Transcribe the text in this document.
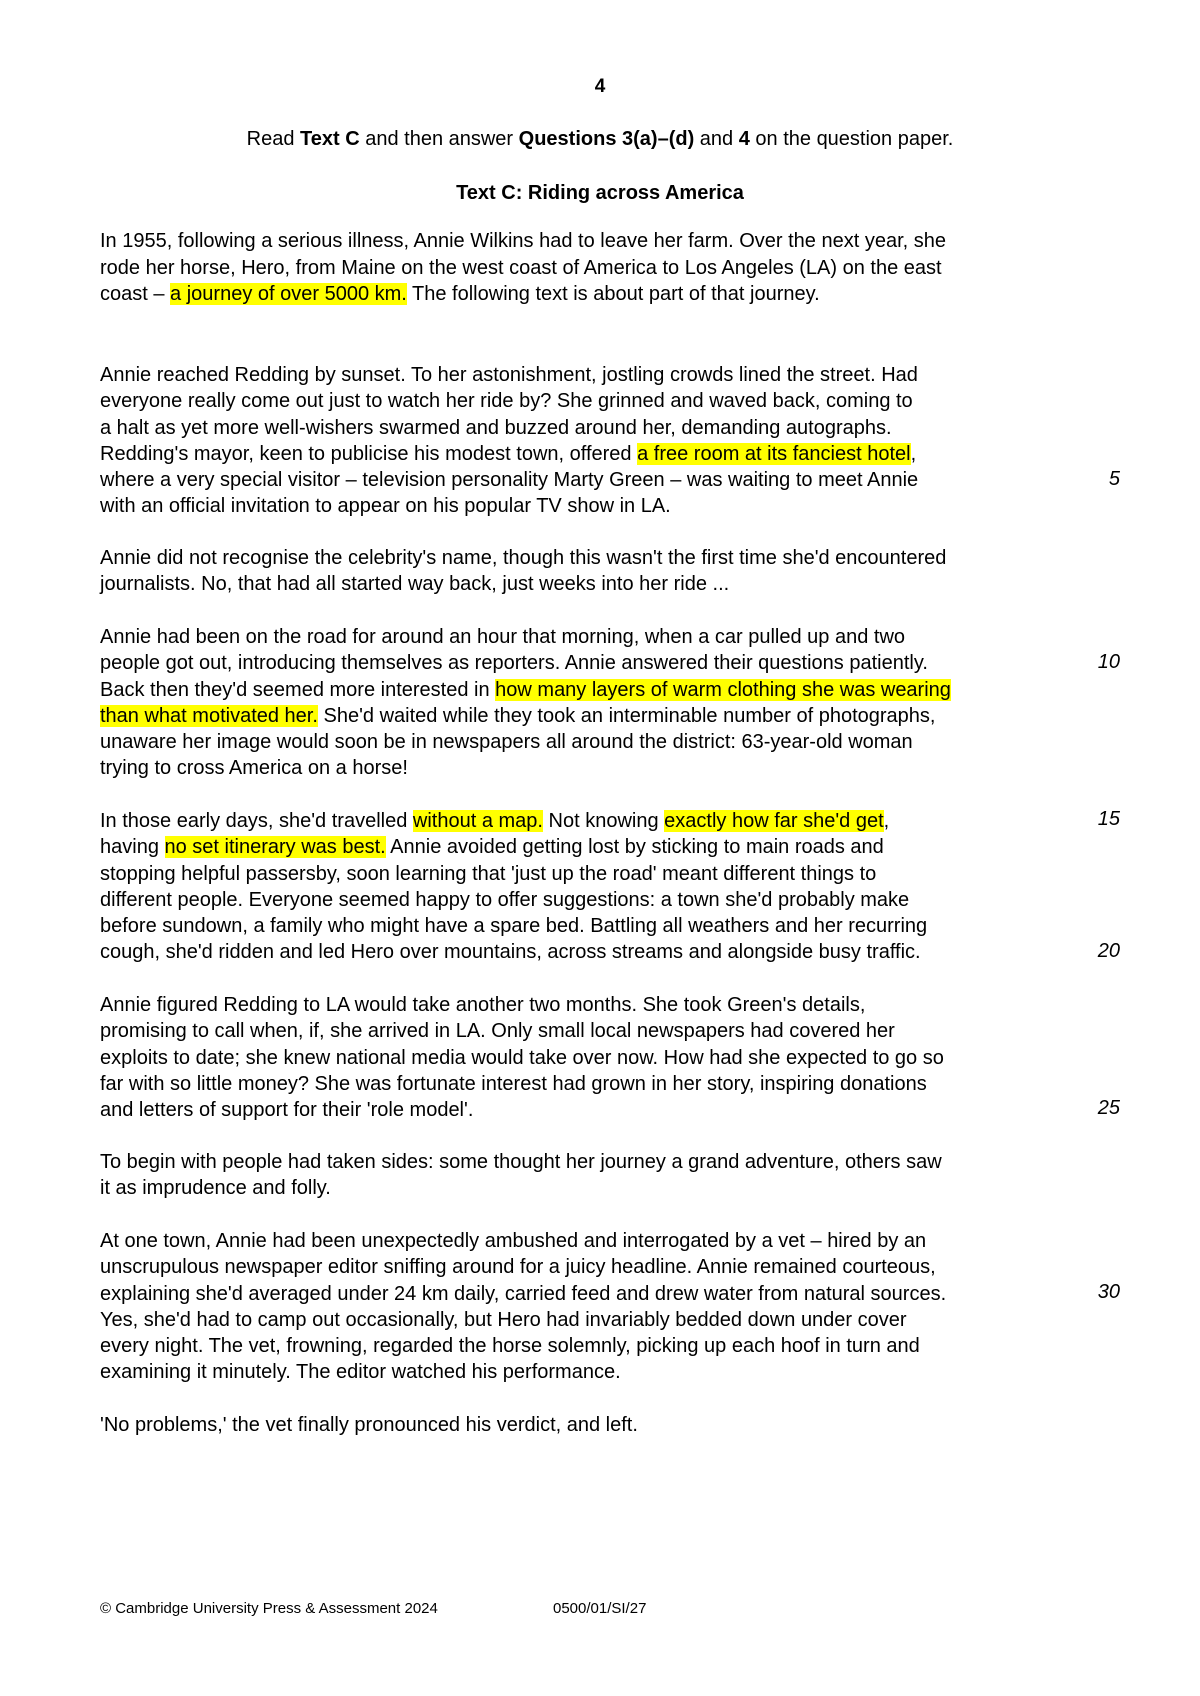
4
Read Text C and then answer Questions 3(a)–(d) and 4 on the question paper.
Text C: Riding across America
In 1955, following a serious illness, Annie Wilkins had to leave her farm. Over the next year, she
rode her horse, Hero, from Maine on the west coast of America to Los Angeles (LA) on the east
coast – a journey of over 5000 km. The following text is about part of that journey.
Annie reached Redding by sunset. To her astonishment, jostling crowds lined the street. Had
everyone really come out just to watch her ride by? She grinned and waved back, coming to
a halt as yet more well-wishers swarmed and buzzed around her, demanding autographs.
Redding's mayor, keen to publicise his modest town, offered a free room at its fanciest hotel,
where a very special visitor – television personality Marty Green – was waiting to meet Annie
with an official invitation to appear on his popular TV show in LA.
Annie did not recognise the celebrity's name, though this wasn't the first time she'd encountered
journalists. No, that had all started way back, just weeks into her ride ...
Annie had been on the road for around an hour that morning, when a car pulled up and two
people got out, introducing themselves as reporters. Annie answered their questions patiently.
Back then they'd seemed more interested in how many layers of warm clothing she was wearing
than what motivated her. She'd waited while they took an interminable number of photographs,
unaware her image would soon be in newspapers all around the district: 63-year-old woman
trying to cross America on a horse!
In those early days, she'd travelled without a map. Not knowing exactly how far she'd get,
having no set itinerary was best. Annie avoided getting lost by sticking to main roads and
stopping helpful passersby, soon learning that 'just up the road' meant different things to
different people. Everyone seemed happy to offer suggestions: a town she'd probably make
before sundown, a family who might have a spare bed. Battling all weathers and her recurring
cough, she'd ridden and led Hero over mountains, across streams and alongside busy traffic.
Annie figured Redding to LA would take another two months. She took Green's details,
promising to call when, if, she arrived in LA. Only small local newspapers had covered her
exploits to date; she knew national media would take over now. How had she expected to go so
far with so little money? She was fortunate interest had grown in her story, inspiring donations
and letters of support for their 'role model'.
To begin with people had taken sides: some thought her journey a grand adventure, others saw
it as imprudence and folly.
At one town, Annie had been unexpectedly ambushed and interrogated by a vet – hired by an
unscrupulous newspaper editor sniffing around for a juicy headline. Annie remained courteous,
explaining she'd averaged under 24 km daily, carried feed and drew water from natural sources.
Yes, she'd had to camp out occasionally, but Hero had invariably bedded down under cover
every night. The vet, frowning, regarded the horse solemnly, picking up each hoof in turn and
examining it minutely. The editor watched his performance.
'No problems,' the vet finally pronounced his verdict, and left.
5
10
15
20
25
30
© Cambridge University Press & Assessment 2024	0500/01/SI/27
